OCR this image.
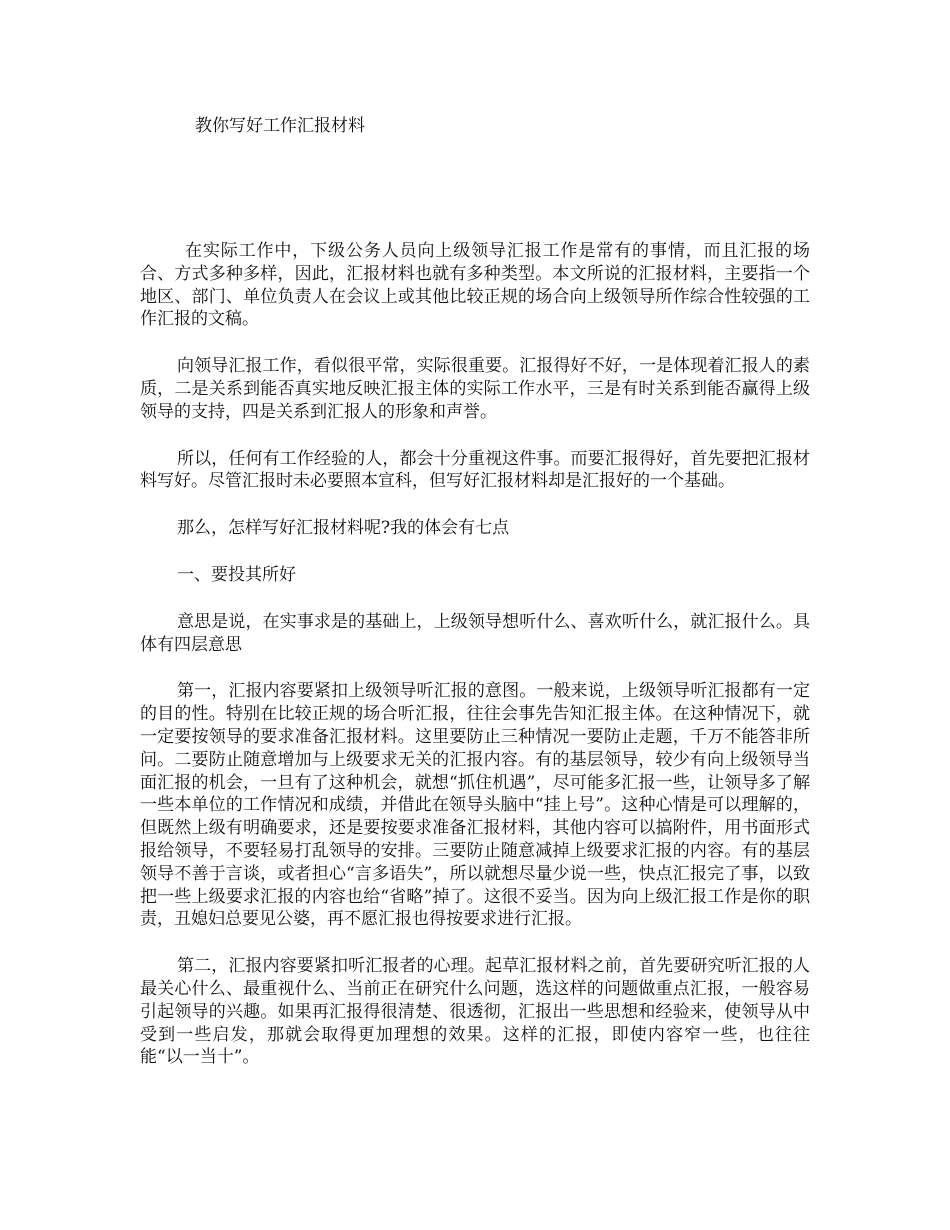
教你写好工作汇报材料

在实际工作中，下级公务人员向上级领导汇报工作是常有的事情，而且汇报的场合、方式多种多样，因此，汇报材料也就有多种类型。本文所说的汇报材料，主要指一个地区、部门、单位负责人在会议上或其他比较正规的场合向上级领导所作综合性较强的工作汇报的文稿。

向领导汇报工作，看似很平常，实际很重要。汇报得好不好，一是体现着汇报人的素质，二是关系到能否真实地反映汇报主体的实际工作水平，三是有时关系到能否赢得上级领导的支持，四是关系到汇报人的形象和声誉。

所以，任何有工作经验的人，都会十分重视这件事。而要汇报得好，首先要把汇报材料写好。尽管汇报时未必要照本宣科，但写好汇报材料却是汇报好的一个基础。

那么，怎样写好汇报材料呢?我的体会有七点

一、要投其所好

意思是说，在实事求是的基础上，上级领导想听什么、喜欢听什么，就汇报什么。具体有四层意思

第一，汇报内容要紧扣上级领导听汇报的意图。一般来说，上级领导听汇报都有一定的目的性。特别在比较正规的场合听汇报，往往会事先告知汇报主体。在这种情况下，就一定要按领导的要求准备汇报材料。这里要防止三种情况一要防止走题，千万不能答非所问。二要防止随意增加与上级要求无关的汇报内容。有的基层领导，较少有向上级领导当面汇报的机会，一旦有了这种机会，就想“抓住机遇”，尽可能多汇报一些，让领导多了解一些本单位的工作情况和成绩，并借此在领导头脑中“挂上号”。这种心情是可以理解的，但既然上级有明确要求，还是要按要求准备汇报材料，其他内容可以搞附件，用书面形式报给领导，不要轻易打乱领导的安排。三要防止随意减掉上级要求汇报的内容。有的基层领导不善于言谈，或者担心“言多语失”，所以就想尽量少说一些，快点汇报完了事，以致把一些上级要求汇报的内容也给“省略”掉了。这很不妥当。因为向上级汇报工作是你的职责，丑媳妇总要见公婆，再不愿汇报也得按要求进行汇报。

第二，汇报内容要紧扣听汇报者的心理。起草汇报材料之前，首先要研究听汇报的人最关心什么、最重视什么、当前正在研究什么问题，选这样的问题做重点汇报，一般容易引起领导的兴趣。如果再汇报得很清楚、很透彻，汇报出一些思想和经验来，使领导从中受到一些启发，那就会取得更加理想的效果。这样的汇报，即使内容窄一些，也往往能“以一当十”。
